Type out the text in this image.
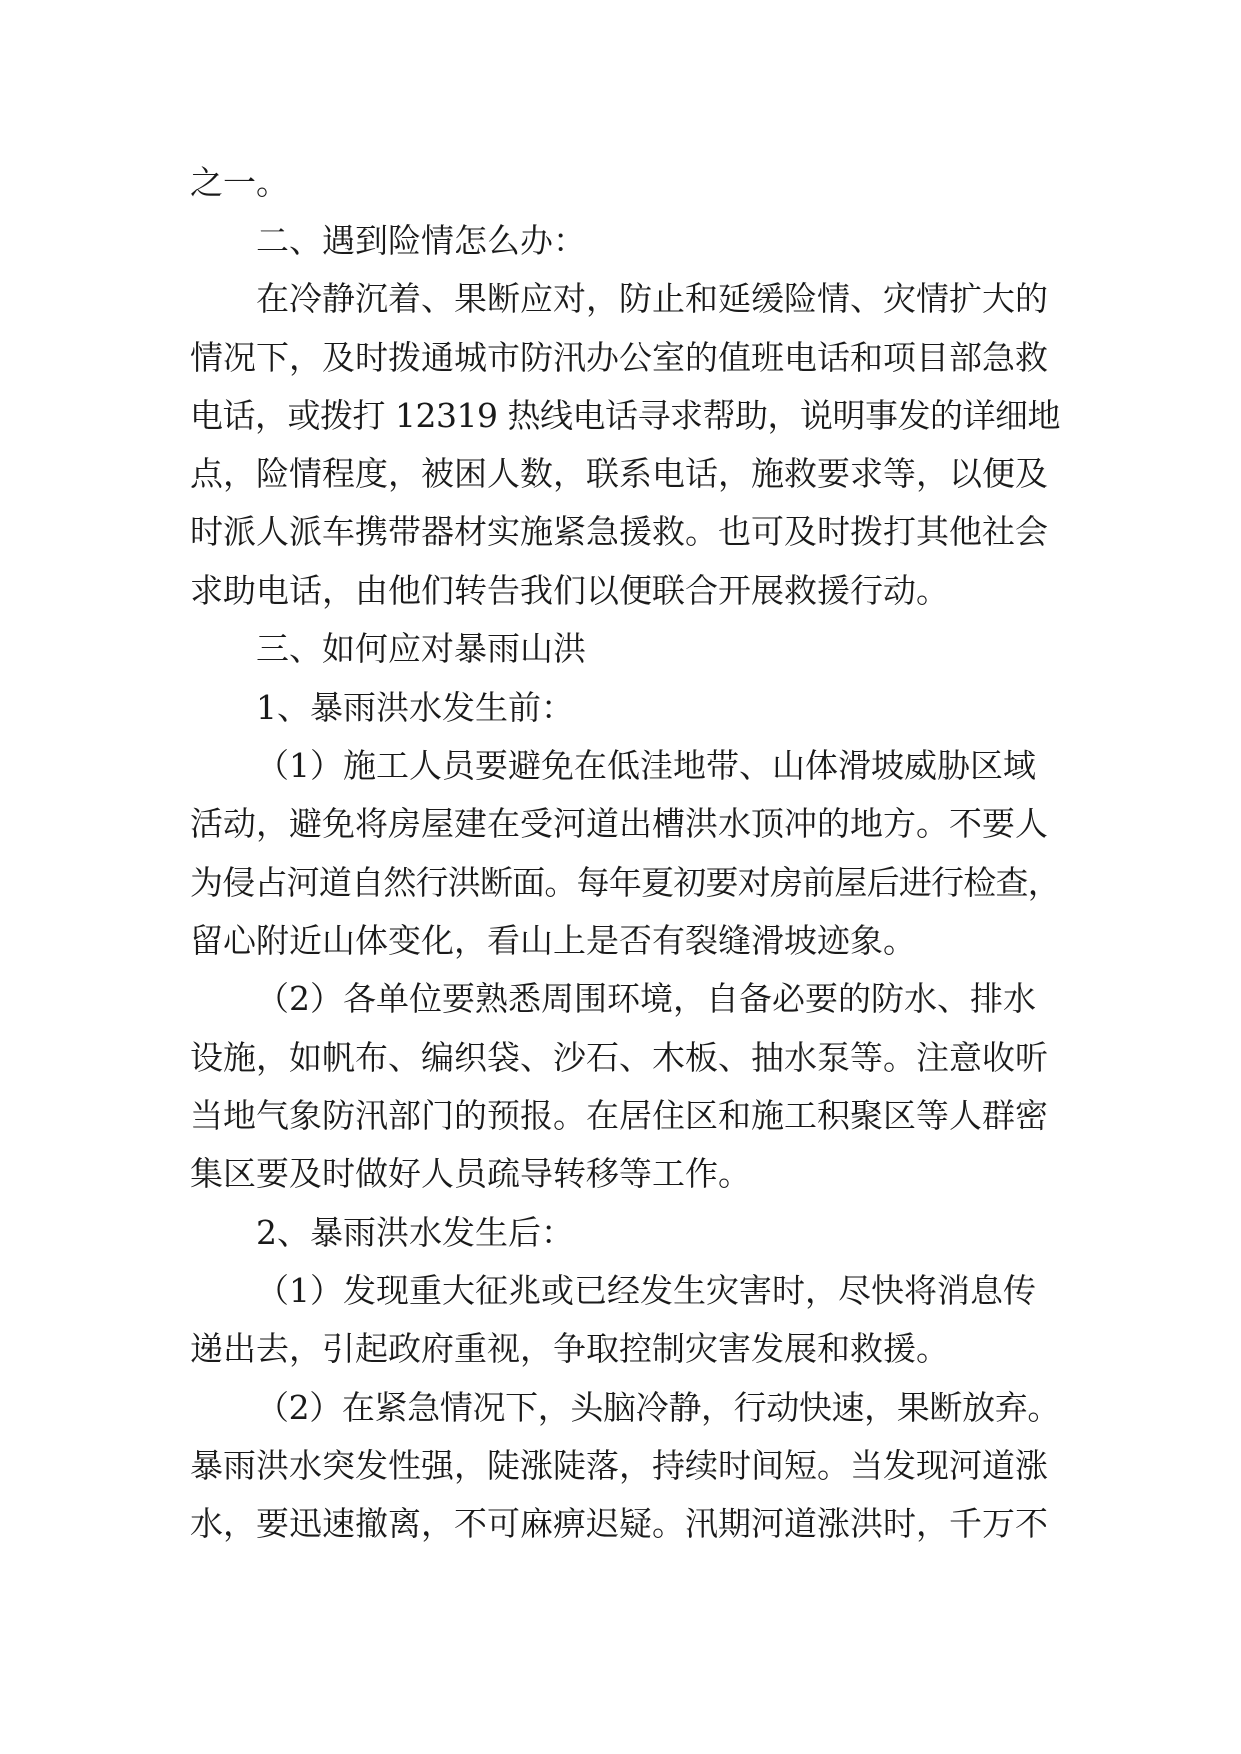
之一。
二、遇到险情怎么办：
在冷静沉着、果断应对，防止和延缓险情、灾情扩大的
情况下，及时拨通城市防汛办公室的值班电话和项目部急救
电话，或拨打 12319 热线电话寻求帮助，说明事发的详细地
点，险情程度，被困人数，联系电话，施救要求等，以便及
时派人派车携带器材实施紧急援救。也可及时拨打其他社会
求助电话，由他们转告我们以便联合开展救援行动。
三、如何应对暴雨山洪
1、暴雨洪水发生前：
（1）施工人员要避免在低洼地带、山体滑坡威胁区域
活动，避免将房屋建在受河道出槽洪水顶冲的地方。不要人
为侵占河道自然行洪断面。每年夏初要对房前屋后进行检查，
留心附近山体变化，看山上是否有裂缝滑坡迹象。
（2）各单位要熟悉周围环境，自备必要的防水、排水
设施，如帆布、编织袋、沙石、木板、抽水泵等。注意收听
当地气象防汛部门的预报。在居住区和施工积聚区等人群密
集区要及时做好人员疏导转移等工作。
2、暴雨洪水发生后：
（1）发现重大征兆或已经发生灾害时，尽快将消息传
递出去，引起政府重视，争取控制灾害发展和救援。
（2）在紧急情况下，头脑冷静，行动快速，果断放弃。
暴雨洪水突发性强，陡涨陡落，持续时间短。当发现河道涨
水，要迅速撤离，不可麻痹迟疑。汛期河道涨洪时，千万不
